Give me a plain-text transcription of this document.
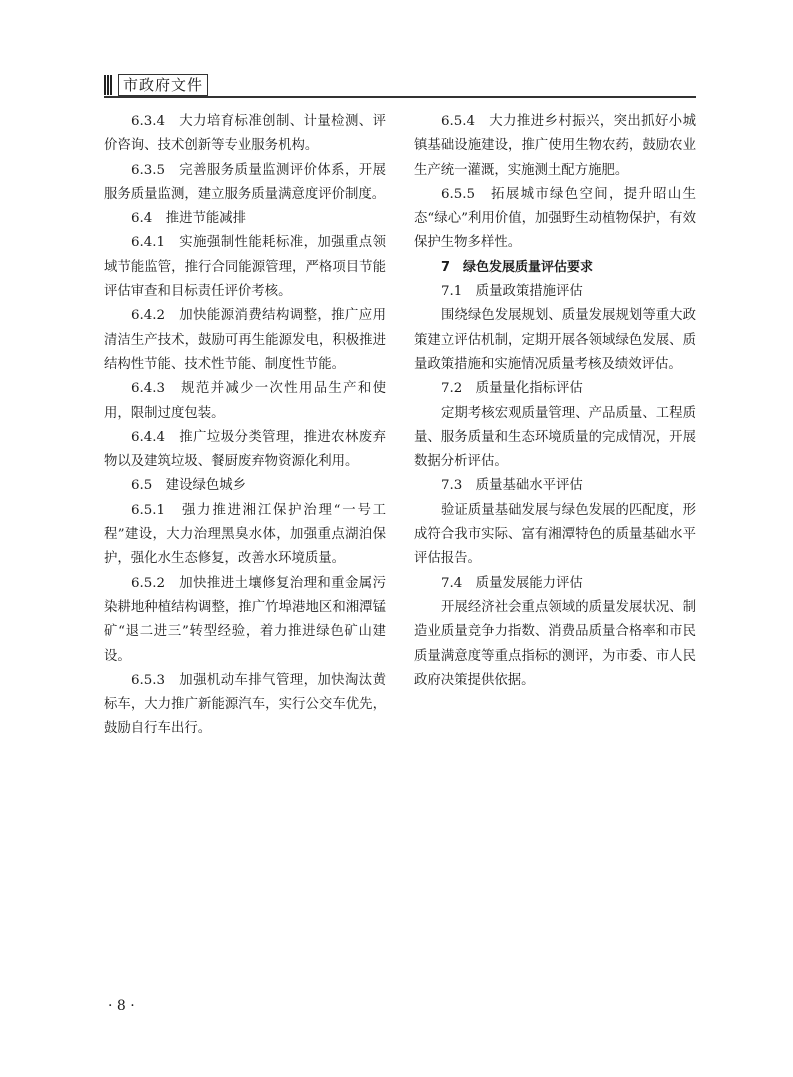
市政府文件

6.3.4　大力培育标准创制、计量检测、评价咨询、技术创新等专业服务机构。

6.3.5　完善服务质量监测评价体系，开展服务质量监测，建立服务质量满意度评价制度。

6.4　推进节能减排

6.4.1　实施强制性能耗标准，加强重点领域节能监管，推行合同能源管理，严格项目节能评估审查和目标责任评价考核。

6.4.2　加快能源消费结构调整，推广应用清洁生产技术，鼓励可再生能源发电，积极推进结构性节能、技术性节能、制度性节能。

6.4.3　规范并减少一次性用品生产和使用，限制过度包装。

6.4.4　推广垃圾分类管理，推进农林废弃物以及建筑垃圾、餐厨废弃物资源化利用。

6.5　建设绿色城乡

6.5.1　强力推进湘江保护治理“一号工程”建设，大力治理黑臭水体，加强重点湖泊保护，强化水生态修复，改善水环境质量。

6.5.2　加快推进土壤修复治理和重金属污染耕地种植结构调整，推广竹埠港地区和湘潭锰矿“退二进三”转型经验，着力推进绿色矿山建设。

6.5.3　加强机动车排气管理，加快淘汰黄标车，大力推广新能源汽车，实行公交车优先，鼓励自行车出行。

6.5.4　大力推进乡村振兴，突出抓好小城镇基础设施建设，推广使用生物农药，鼓励农业生产统一灌溉，实施测土配方施肥。

6.5.5　拓展城市绿色空间，提升昭山生态“绿心”利用价值，加强野生动植物保护，有效保护生物多样性。

7　绿色发展质量评估要求

7.1　质量政策措施评估

围绕绿色发展规划、质量发展规划等重大政策建立评估机制，定期开展各领域绿色发展、质量政策措施和实施情况质量考核及绩效评估。

7.2　质量量化指标评估

定期考核宏观质量管理、产品质量、工程质量、服务质量和生态环境质量的完成情况，开展数据分析评估。

7.3　质量基础水平评估

验证质量基础发展与绿色发展的匹配度，形成符合我市实际、富有湘潭特色的质量基础水平评估报告。

7.4　质量发展能力评估

开展经济社会重点领域的质量发展状况、制造业质量竞争力指数、消费品质量合格率和市民质量满意度等重点指标的测评，为市委、市人民政府决策提供依据。

· 8 ·
